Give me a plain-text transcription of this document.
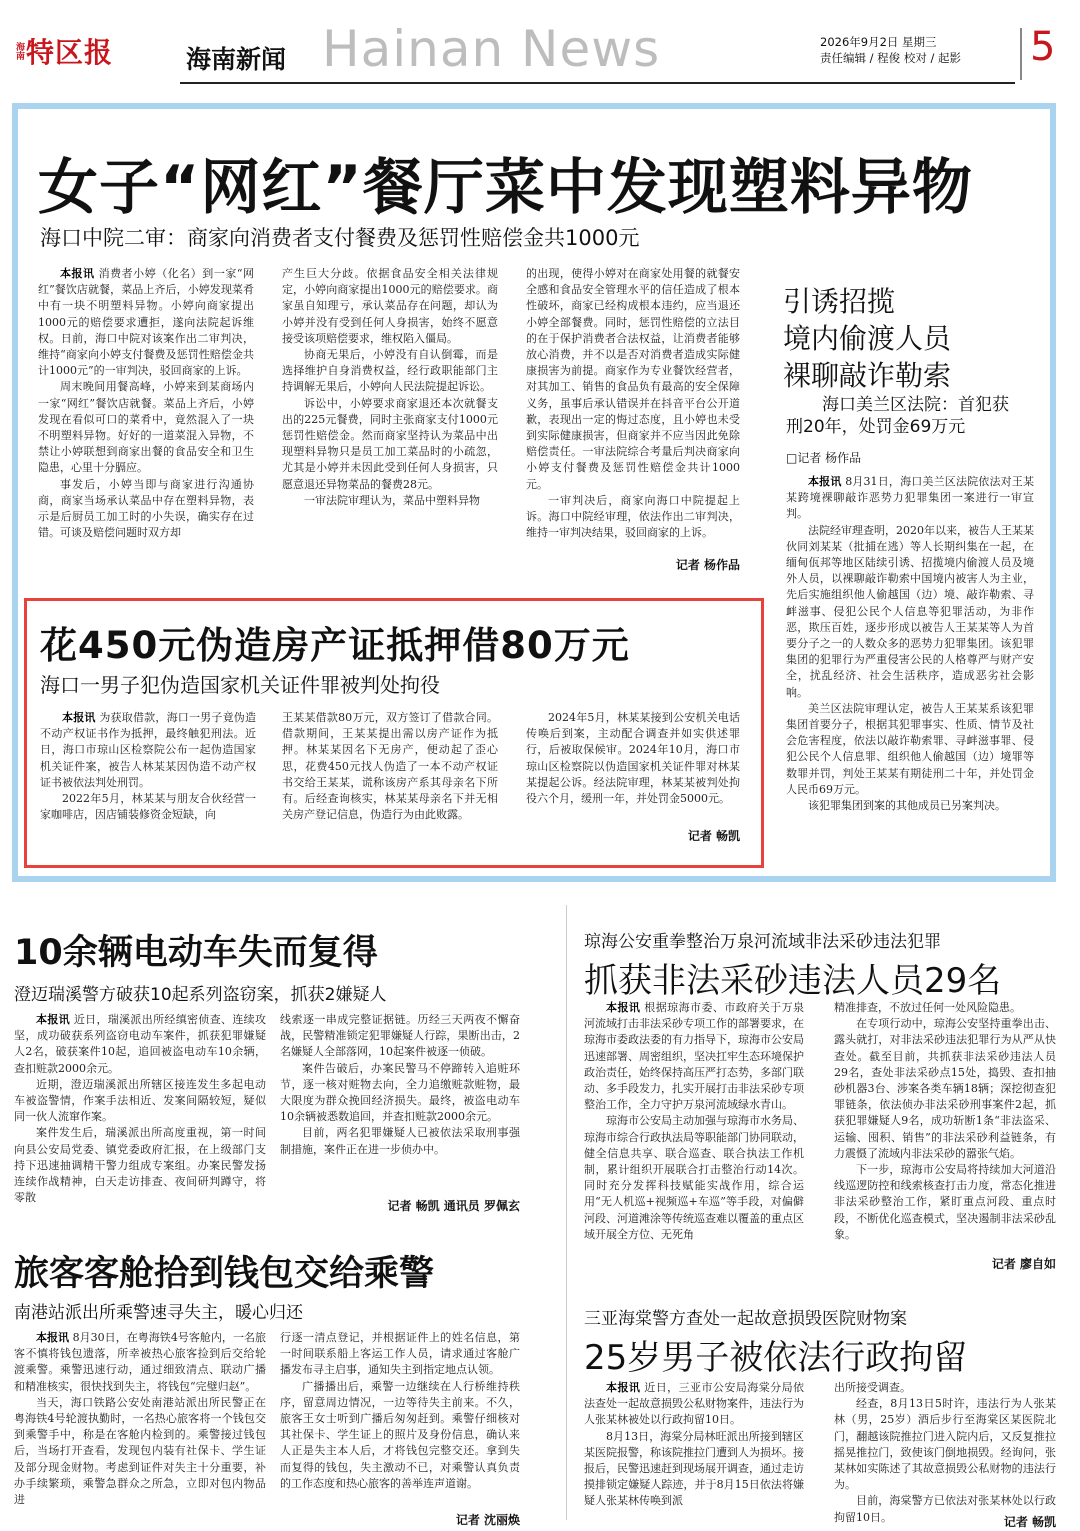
海南 特区报	海南新闻 Hainan News	2026年9月2日 星期三
责任编辑 / 程俊 校对 / 起影 5
女子“网红”餐厅菜中发现塑料异物
海口中院二审：商家向消费者支付餐费及惩罚性赔偿金共1000元

本报讯 消费者小婷（化名）到一家“网红”餐饮店就餐，菜品上齐后，小婷发现菜肴中有一块不明塑料异物。小婷向商家提出1000元的赔偿要求遭拒，遂向法院起诉维权。日前，海口中院对该案作出二审判决，维持“商家向小婷支付餐费及惩罚性赔偿金共计1000元”的一审判决，驳回商家的上诉。

周末晚间用餐高峰，小婷来到某商场内一家“网红”餐饮店就餐。菜品上齐后，小婷发现在看似可口的菜肴中，竟然混入了一块不明塑料异物。好好的一道菜混入异物，不禁让小婷联想到商家出餐的食品安全和卫生隐患，心里十分膈应。

事发后，小婷当即与商家进行沟通协商，商家当场承认菜品中存在塑料异物，表示是后厨员工加工时的小失误，确实存在过错。可谈及赔偿问题时双方却

产生巨大分歧。依据食品安全相关法律规定，小婷向商家提出1000元的赔偿要求。商家虽自知理亏，承认菜品存在问题，却认为小婷并没有受到任何人身损害，始终不愿意接受该项赔偿要求，维权陷入僵局。

协商无果后，小婷没有自认倒霉，而是选择维护自身消费权益，经行政职能部门主持调解无果后，小婷向人民法院提起诉讼。

诉讼中，小婷要求商家退还本次就餐支出的225元餐费，同时主张商家支付1000元惩罚性赔偿金。然而商家坚持认为菜品中出现塑料异物只是员工加工菜品时的小疏忽，尤其是小婷并未因此受到任何人身损害，只愿意退还异物菜品的餐费28元。

一审法院审理认为，菜品中塑料异物

的出现，使得小婷对在商家处用餐的就餐安全感和食品安全管理水平的信任造成了根本性破坏，商家已经构成根本违约，应当退还小婷全部餐费。同时，惩罚性赔偿的立法目的在于保护消费者合法权益，让消费者能够放心消费，并不以是否对消费者造成实际健康损害为前提。商家作为专业餐饮经营者，对其加工、销售的食品负有最高的安全保障义务，虽事后承认错误并在抖音平台公开道歉，表现出一定的悔过态度，且小婷也未受到实际健康损害，但商家并不应当因此免除赔偿责任。一审法院综合考量后判决商家向小婷支付餐费及惩罚性赔偿金共计1000元。

一审判决后，商家向海口中院提起上诉。海口中院经审理，依法作出二审判决，维持一审判决结果，驳回商家的上诉。

记者 杨作品
引诱招揽
境内偷渡人员
裸聊敲诈勒索
海口美兰区法院：首犯获
刑20年，处罚金69万元
□记者 杨作品

本报讯 8月31日，海口美兰区法院依法对王某某跨境裸聊敲诈恶势力犯罪集团一案进行一审宣判。

法院经审理查明，2020年以来，被告人王某某伙同刘某某（批捕在逃）等人长期纠集在一起，在缅甸佤邦等地区陆续引诱、招揽境内偷渡人员及境外人员，以裸聊敲诈勒索中国境内被害人为主业，先后实施组织他人偷越国（边）境、敲诈勒索、寻衅滋事、侵犯公民个人信息等犯罪活动，为非作恶，欺压百姓，逐步形成以被告人王某某等人为首要分子之一的人数众多的恶势力犯罪集团。该犯罪集团的犯罪行为严重侵害公民的人格尊严与财产安全，扰乱经济、社会生活秩序，造成恶劣社会影响。

美兰区法院审理认定，被告人王某某系该犯罪集团首要分子，根据其犯罪事实、性质、情节及社会危害程度，依法以敲诈勒索罪、寻衅滋事罪、侵犯公民个人信息罪、组织他人偷越国（边）境罪等数罪并罚，判处王某某有期徒刑二十年，并处罚金人民币69万元。

该犯罪集团到案的其他成员已另案判决。

花450元伪造房产证抵押借80万元
海口一男子犯伪造国家机关证件罪被判处拘役

本报讯 为获取借款，海口一男子竟伪造不动产权证书作为抵押，最终触犯刑法。近日，海口市琼山区检察院公布一起伪造国家机关证件案，被告人林某某因伪造不动产权证书被依法判处刑罚。

2022年5月，林某某与朋友合伙经营一家咖啡店，因店铺装修资金短缺，向

王某某借款80万元，双方签订了借款合同。借款期间，王某某提出需以房产证作为抵押。林某某因名下无房产，便动起了歪心思，花费450元找人伪造了一本不动产权证书交给王某某，谎称该房产系其母亲名下所有。后经查询核实，林某某母亲名下并无相关房产登记信息，伪造行为由此败露。

2024年5月，林某某接到公安机关电话传唤后到案，主动配合调查并如实供述罪行，后被取保候审。2024年10月，海口市琼山区检察院以伪造国家机关证件罪对林某某提起公诉。经法院审理，林某某被判处拘役六个月，缓刑一年，并处罚金5000元。

记者 畅凯
10余辆电动车失而复得
澄迈瑞溪警方破获10起系列盗窃案，抓获2嫌疑人

本报讯 近日，瑞溪派出所经缜密侦查、连续攻坚，成功破获系列盗窃电动车案件，抓获犯罪嫌疑人2名，破获案件10起，追回被盗电动车10余辆，查扣赃款2000余元。

近期，澄迈瑞溪派出所辖区接连发生多起电动车被盗警情，作案手法相近、发案间隔较短，疑似同一伙人流窜作案。

案件发生后，瑞溪派出所高度重视，第一时间向县公安局党委、镇党委政府汇报，在上级部门支持下迅速抽调精干警力组成专案组。办案民警发扬连续作战精神，白天走访排查、夜间研判蹲守，将零散

线索逐一串成完整证据链。历经三天两夜不懈奋战，民警精准锁定犯罪嫌疑人行踪，果断出击，2名嫌疑人全部落网，10起案件被逐一侦破。

案件告破后，办案民警马不停蹄转入追赃环节，逐一核对赃物去向，全力追缴赃款赃物，最大限度为群众挽回经济损失。最终，被盗电动车10余辆被悉数追回，并查扣赃款2000余元。

目前，两名犯罪嫌疑人已被依法采取刑事强制措施，案件正在进一步侦办中。

记者 畅凯 通讯员 罗佩玄
旅客客舱拾到钱包交给乘警
南港站派出所乘警速寻失主，暖心归还

本报讯 8月30日，在粤海铁4号客舱内，一名旅客不慎将钱包遗落，所幸被热心旅客捡到后交给轮渡乘警。乘警迅速行动，通过细致清点、联动广播和精准核实，很快找到失主，将钱包“完璧归赵”。

当天，海口铁路公安处南港站派出所民警正在粤海铁4号轮渡执勤时，一名热心旅客将一个钱包交到乘警手中，称是在客舱内检到的。乘警接过钱包后，当场打开查看，发现包内装有社保卡、学生证及部分现金财物。考虑到证件对失主十分重要，补办手续繁琐，乘警急群众之所急，立即对包内物品进

行逐一清点登记，并根据证件上的姓名信息，第一时间联系船上客运工作人员，请求通过客舱广播发布寻主启事，通知失主到指定地点认领。

广播播出后，乘警一边继续在人行桥维持秩序，留意周边情况，一边等待失主前来。不久，旅客王女士听到广播后匆匆赶到。乘警仔细核对其社保卡、学生证上的照片及身份信息，确认来人正是失主本人后，才将钱包完整交还。拿到失而复得的钱包，失主激动不已，对乘警认真负责的工作态度和热心旅客的善举连声道谢。

记者 沈丽焕
琼海公安重拳整治万泉河流域非法采砂违法犯罪
抓获非法采砂违法人员29名

本报讯 根据琼海市委、市政府关于万泉河流域打击非法采砂专项工作的部署要求，在琼海市委政法委的有力指导下，琼海市公安局迅速部署、周密组织，坚决扛牢生态环境保护政治责任，始终保持高压严打态势，多部门联动、多手段发力，扎实开展打击非法采砂专项整治工作，全力守护万泉河流域绿水青山。

琼海市公安局主动加强与琼海市水务局、琼海市综合行政执法局等职能部门协同联动，健全信息共享、联合巡查、联合执法工作机制，累计组织开展联合打击整治行动14次。同时充分发挥科技赋能实战作用，综合运用“无人机巡+视频巡+车巡”等手段，对偏僻河段、河道滩涂等传统巡查难以覆盖的重点区域开展全方位、无死角

精准排查，不放过任何一处风险隐患。

在专项行动中，琼海公安坚持重拳出击、露头就打，对非法采砂违法犯罪行为从严从快查处。截至目前，共抓获非法采砂违法人员29名，查处非法采砂点15处，捣毁、查扣抽砂机器3台、涉案各类车辆18辆；深挖彻查犯罪链条，依法侦办非法采砂刑事案件2起，抓获犯罪嫌疑人9名，成功斩断1条“非法盗采、运输、囤积、销售”的非法采砂利益链条，有力震慑了流域内非法采砂的嚣张气焰。

下一步，琼海市公安局将持续加大河道沿线巡逻防控和线索核查打击力度，常态化推进非法采砂整治工作，紧盯重点河段、重点时段，不断优化巡查模式，坚决遏制非法采砂乱象。

记者 廖自如
三亚海棠警方查处一起故意损毁医院财物案
25岁男子被依法行政拘留

本报讯 近日，三亚市公安局海棠分局依法查处一起故意损毁公私财物案件，违法行为人张某林被处以行政拘留10日。

8月13日，海棠分局林旺派出所接到辖区某医院报警，称该院推拉门遭到人为损坏。接报后，民警迅速赶到现场展开调查，通过走访摸排锁定嫌疑人踪迹，并于8月15日依法将嫌疑人张某林传唤到派

出所接受调查。

经查，8月13日5时许，违法行为人张某林（男，25岁）酒后步行至海棠区某医院北门，翻越该院推拉门进入院内后，又反复推拉摇晃推拉门，致使该门倒地损毁。经询问，张某林如实陈述了其故意损毁公私财物的违法行为。

目前，海棠警方已依法对张某林处以行政拘留10日。	记者 畅凯
